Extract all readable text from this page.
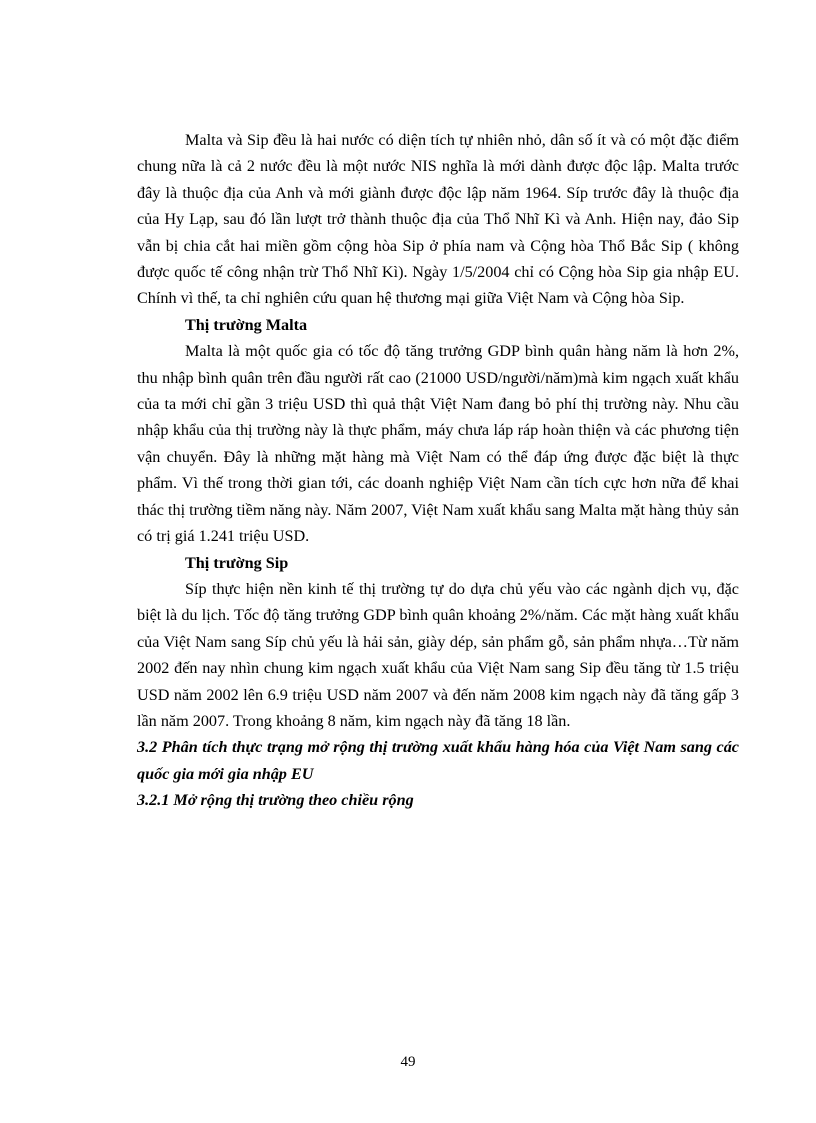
Malta và Sip đều là hai nước có diện tích tự nhiên nhỏ, dân số ít và có một đặc điểm chung nữa là cả 2 nước đều là một nước NIS nghĩa là mới dành được độc lập. Malta trước đây là thuộc địa của Anh và mới giành được độc lập năm 1964. Síp trước đây là thuộc địa của Hy Lạp, sau đó lần lượt trở thành thuộc địa của Thổ Nhĩ Kì và Anh. Hiện nay, đảo Sip vẫn bị chia cắt hai miền gồm cộng hòa Sip ở phía nam và Cộng hòa Thổ Bắc Sip ( không được quốc tế công nhận trừ Thổ Nhĩ Kì). Ngày 1/5/2004 chỉ có Cộng hòa Sip gia nhập EU. Chính vì thế, ta chỉ nghiên cứu quan hệ thương mại giữa Việt Nam và Cộng hòa Sip.

Thị trường Malta

Malta là một quốc gia có tốc độ tăng trưởng GDP bình quân hàng năm là hơn 2%, thu nhập bình quân trên đầu người rất cao (21000 USD/người/năm)mà kim ngạch xuất khẩu của ta mới chỉ gần 3 triệu USD thì quả thật Việt Nam đang bỏ phí thị trường này. Nhu cầu nhập khẩu của thị trường này là thực phẩm, máy chưa láp ráp hoàn thiện và các phương tiện vận chuyển. Đây là những mặt hàng mà Việt Nam có thể đáp ứng được đặc biệt là thực phẩm. Vì thế trong thời gian tới, các doanh nghiệp Việt Nam cần tích cực hơn nữa để khai thác thị trường tiềm năng này. Năm 2007, Việt Nam xuất khẩu sang Malta mặt hàng thủy sản có trị giá 1.241 triệu USD.

Thị trường Sip

Síp thực hiện nền kinh tế thị trường tự do dựa chủ yếu vào các ngành dịch vụ, đặc biệt là du lịch. Tốc độ tăng trưởng GDP bình quân khoảng 2%/năm. Các mặt hàng xuất khẩu của Việt Nam sang Síp chủ yếu là hải sản, giày dép, sản phẩm gỗ, sản phẩm nhựa…Từ năm 2002 đến nay nhìn chung kim ngạch xuất khẩu của Việt Nam sang Sip đều tăng từ 1.5 triệu USD năm 2002 lên 6.9 triệu USD năm 2007 và đến năm 2008 kim ngạch này đã tăng gấp 3 lần năm 2007. Trong khoảng 8 năm, kim ngạch này đã tăng 18 lần.

3.2 Phân tích thực trạng mở rộng thị trường xuất khẩu hàng hóa của Việt Nam sang các quốc gia mới gia nhập EU

3.2.1 Mở rộng thị trường theo chiều rộng

49
